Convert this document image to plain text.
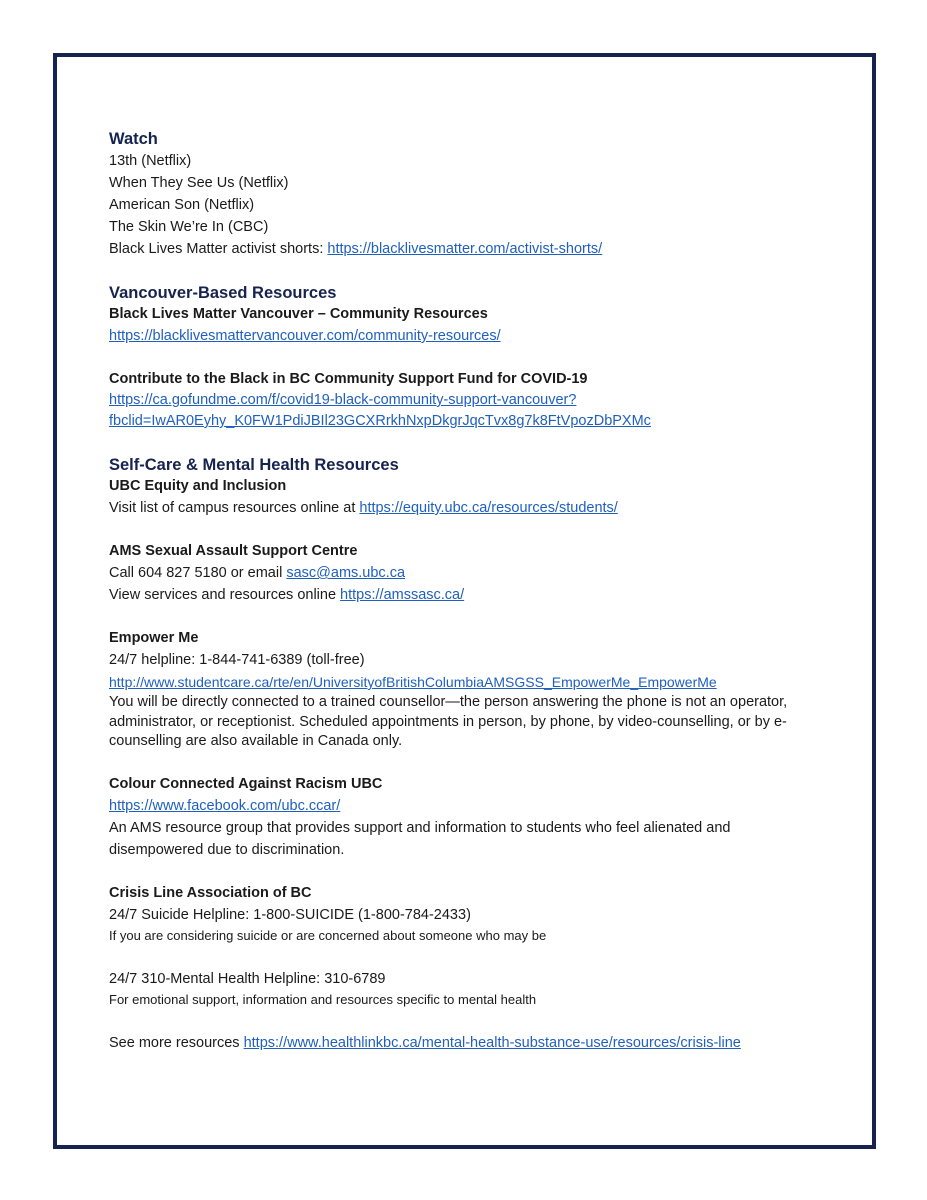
Watch

13th (Netflix)

When They See Us (Netflix)

American Son (Netflix)

The Skin We’re In (CBC)

Black Lives Matter activist shorts: https://blacklivesmatter.com/activist-shorts/

Vancouver-Based Resources

Black Lives Matter Vancouver – Community Resources

https://blacklivesmattervancouver.com/community-resources/

Contribute to the Black in BC Community Support Fund for COVID-19

https://ca.gofundme.com/f/covid19-black-community-support-vancouver?
fbclid=IwAR0Eyhy_K0FW1PdiJBIl23GCXRrkhNxpDkgrJqcTvx8g7k8FtVpozDbPXMc

Self-Care & Mental Health Resources

UBC Equity and Inclusion

Visit list of campus resources online at https://equity.ubc.ca/resources/students/

AMS Sexual Assault Support Centre

Call 604 827 5180 or email sasc@ams.ubc.ca

View services and resources online https://amssasc.ca/

Empower Me

24/7 helpline: 1-844-741-6389 (toll-free)

http://www.studentcare.ca/rte/en/UniversityofBritishColumbiaAMSGSS_EmpowerMe_EmpowerMe

You will be directly connected to a trained counsellor—the person answering the phone is not an operator, administrator, or receptionist. Scheduled appointments in person, by phone, by video-counselling, or by e-counselling are also available in Canada only.

Colour Connected Against Racism UBC

https://www.facebook.com/ubc.ccar/

An AMS resource group that provides support and information to students who feel alienated and disempowered due to discrimination.

Crisis Line Association of BC

24/7 Suicide Helpline: 1-800-SUICIDE (1-800-784-2433)

If you are considering suicide or are concerned about someone who may be

24/7 310-Mental Health Helpline: 310-6789

For emotional support, information and resources specific to mental health

See more resources https://www.healthlinkbc.ca/mental-health-substance-use/resources/crisis-line
